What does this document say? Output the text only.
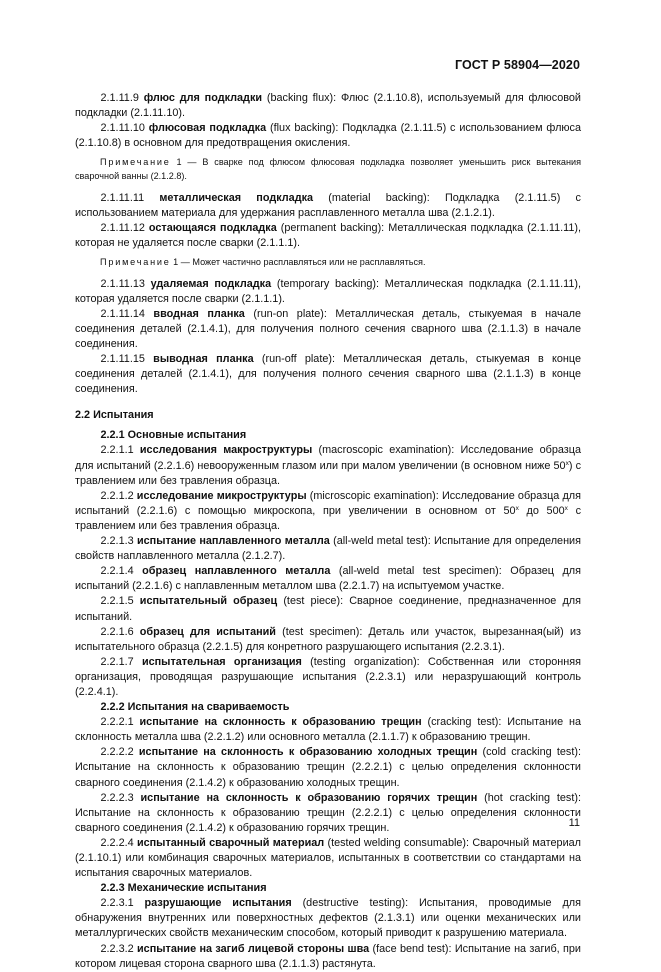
ГОСТ Р 58904—2020

2.1.11.9 флюс для подкладки (backing flux): Флюс (2.1.10.8), используемый для флюсовой подкладки (2.1.11.10).

2.1.11.10 флюсовая подкладка (flux backing): Подкладка (2.1.11.5) с использованием флюса (2.1.10.8) в основном для предотвращения окисления.

Примечание 1 — В сварке под флюсом флюсовая подкладка позволяет уменьшить риск вытекания сварочной ванны (2.1.2.8).

2.1.11.11 металлическая подкладка (material backing): Подкладка (2.1.11.5) с использованием материала для удержания расплавленного металла шва (2.1.2.1).

2.1.11.12 остающаяся подкладка (permanent backing): Металлическая подкладка (2.1.11.11), которая не удаляется после сварки (2.1.1.1).

Примечание 1 — Может частично расплавляться или не расплавляться.

2.1.11.13 удаляемая подкладка (temporary backing): Металлическая подкладка (2.1.11.11), которая удаляется после сварки (2.1.1.1).

2.1.11.14 вводная планка (run-on plate): Металлическая деталь, стыкуемая в начале соединения деталей (2.1.4.1), для получения полного сечения сварного шва (2.1.1.3) в начале соединения.

2.1.11.15 выводная планка (run-off plate): Металлическая деталь, стыкуемая в конце соединения деталей (2.1.4.1), для получения полного сечения сварного шва (2.1.1.3) в конце соединения.

2.2 Испытания

2.2.1 Основные испытания

2.2.1.1 исследования макроструктуры (macroscopic examination): Исследование образца для испытаний (2.2.1.6) невооруженным глазом или при малом увеличении (в основном ниже $50^х$) с травлением или без травления образца.

2.2.1.2 исследование микроструктуры (microscopic examination): Исследование образца для испытаний (2.2.1.6) с помощью микроскопа, при увеличении в основном от $50^х$ до $500^х$ с травлением или без травления образца.

2.2.1.3 испытание наплавленного металла (all-weld metal test): Испытание для определения свойств наплавленного металла (2.1.2.7).

2.2.1.4 образец наплавленного металла (all-weld metal test specimen): Образец для испытаний (2.2.1.6) с наплавленным металлом шва (2.2.1.7) на испытуемом участке.

2.2.1.5 испытательный образец (test piece): Сварное соединение, предназначенное для испытаний.

2.2.1.6 образец для испытаний (test specimen): Деталь или участок, вырезанная(ый) из испытательного образца (2.2.1.5) для конретного разрушающего испытания (2.2.3.1).

2.2.1.7 испытательная организация (testing organization): Собственная или сторонняя организация, проводящая разрушающие испытания (2.2.3.1) или неразрушающий контроль (2.2.4.1).

2.2.2 Испытания на свариваемость

2.2.2.1 испытание на склонность к образованию трещин (cracking test): Испытание на склонность металла шва (2.2.1.2) или основного металла (2.1.1.7) к образованию трещин.

2.2.2.2 испытание на склонность к образованию холодных трещин (cold cracking test): Испытание на склонность к образованию трещин (2.2.2.1) с целью определения склонности сварного соединения (2.1.4.2) к образованию холодных трещин.

2.2.2.3 испытание на склонность к образованию горячих трещин (hot cracking test): Испытание на склонность к образованию трещин (2.2.2.1) с целью определения склонности сварного соединения (2.1.4.2) к образованию горячих трещин.

2.2.2.4 испытанный сварочный материал (tested welding consumable): Сварочный материал (2.1.10.1) или комбинация сварочных материалов, испытанных в соответствии со стандартами на испытания сварочных материалов.

2.2.3 Механические испытания

2.2.3.1 разрушающие испытания (destructive testing): Испытания, проводимые для обнаружения внутренних или поверхностных дефектов (2.1.3.1) или оценки механических или металлургических свойств механическим способом, который приводит к разрушению материала.

2.2.3.2 испытание на загиб лицевой стороны шва (face bend test): Испытание на загиб, при котором лицевая сторона сварного шва (2.1.1.3) растянута.

11
